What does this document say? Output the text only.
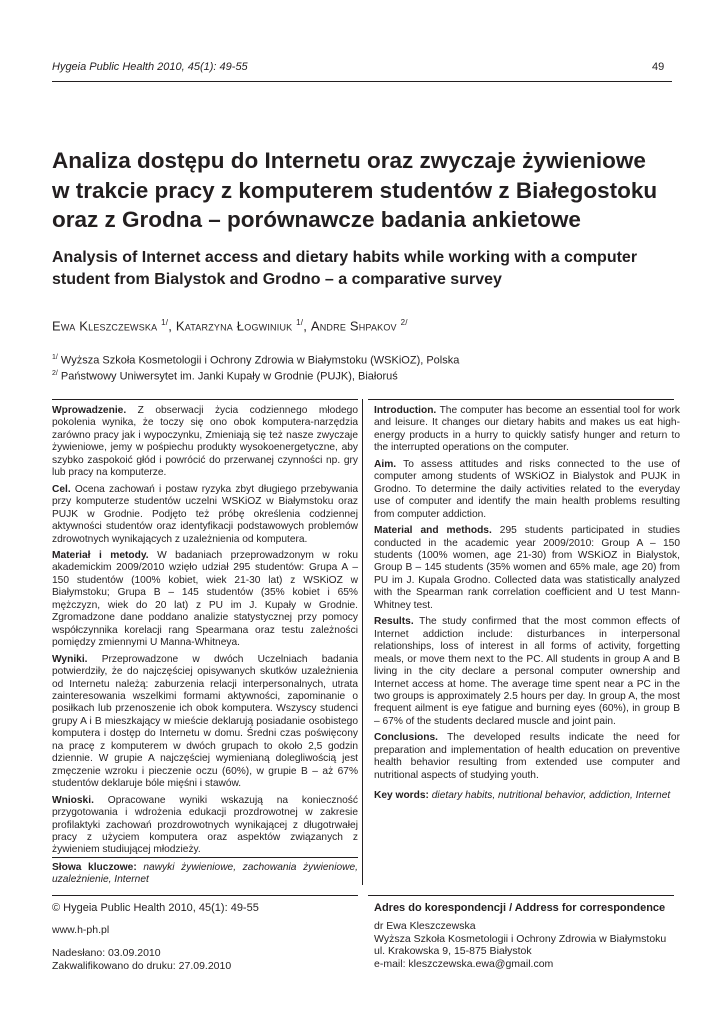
Hygeia Public Health 2010, 45(1): 49-55	49
Analiza dostępu do Internetu oraz zwyczaje żywieniowe
w trakcie pracy z komputerem studentów z Białegostoku
oraz z Grodna – porównawcze badania ankietowe
Analysis of Internet access and dietary habits while working with a computer
student from Bialystok and Grodno – a comparative survey
Ewa Kleszczewska $^{1/}$, Katarzyna Łogwiniuk $^{1/}$, Andre Shpakov $^{2/}$
$^{1/}$ Wyższa Szkoła Kosmetologii i Ochrony Zdrowia w Białymstoku (WSKiOZ), Polska
$^{2/}$ Państwowy Uniwersytet im. Janki Kupały w Grodnie (PUJK), Białoruś

Wprowadzenie. Z obserwacji życia codziennego młodego pokolenia wynika, że toczy się ono obok komputera-narzędzia zarówno pracy jak i wypoczynku, Zmieniają się też nasze zwyczaje żywieniowe, jemy w pośpiechu produkty wysokoenergetyczne, aby szybko zaspokoić głód i powrócić do przerwanej czynności np. gry lub pracy na komputerze.

Cel. Ocena zachowań i postaw ryzyka zbyt długiego przebywania przy komputerze studentów uczelni WSKiOZ w Białymstoku oraz PUJK w Grodnie. Podjęto też próbę określenia codziennej aktywności studentów oraz identyfikacji podstawowych problemów zdrowotnych wynikających z uzależnienia od komputera.

Materiał i metody. W badaniach przeprowadzonym w roku akademickim 2009/2010 wzięło udział 295 studentów: Grupa A – 150 studentów (100% kobiet, wiek 21-30 lat) z WSKiOZ w Białymstoku; Grupa B – 145 studentów (35% kobiet i 65% mężczyzn, wiek do 20 lat) z PU im J. Kupały w Grodnie. Zgromadzone dane poddano analizie statystycznej przy pomocy współczynnika korelacji rang Spearmana oraz testu zależności pomiędzy zmiennymi U Manna-Whitneya.

Wyniki. Przeprowadzone w dwóch Uczelniach badania potwierdziły, że do najczęściej opisywanych skutków uzależnienia od Internetu należą: zaburzenia relacji interpersonalnych, utrata zainteresowania wszelkimi formami aktywności, zapominanie o posiłkach lub przenoszenie ich obok komputera. Wszyscy studenci grupy A i B mieszkający w mieście deklarują posiadanie osobistego komputera i dostęp do Internetu w domu. Średni czas poświęcony na pracę z komputerem w dwóch grupach to około 2,5 godzin dziennie. W grupie A najczęściej wymienianą dolegliwością jest zmęczenie wzroku i pieczenie oczu (60%), w grupie B – aż 67% studentów deklaruje bóle mięśni i stawów.

Wnioski. Opracowane wyniki wskazują na konieczność przygotowania i wdrożenia edukacji prozdrowotnej w zakresie profilaktyki zachowań prozdrowotnych wynikającej z długotrwałej pracy z użyciem komputera oraz aspektów związanych z żywieniem studiującej młodzieży.

Słowa kluczowe: nawyki żywieniowe, zachowania żywieniowe, uzależnienie, Internet

Introduction. The computer has become an essential tool for work and leisure. It changes our dietary habits and makes us eat high-energy products in a hurry to quickly satisfy hunger and return to the interrupted operations on the computer.

Aim. To assess attitudes and risks connected to the use of computer among students of WSKiOZ in Bialystok and PUJK in Grodno. To determine the daily activities related to the everyday use of computer and identify the main health problems resulting from computer addiction.

Material and methods. 295 students participated in studies conducted in the academic year 2009/2010: Group A – 150 students (100% women, age 21-30) from WSKiOZ in Bialystok, Group B – 145 students (35% women and 65% male, age 20) from PU im J. Kupala Grodno. Collected data was statistically analyzed with the Spearman rank correlation coefficient and U test Mann-Whitney test.

Results. The study confirmed that the most common effects of Internet addiction include: disturbances in interpersonal relationships, loss of interest in all forms of activity, forgetting meals, or move them next to the PC. All students in group A and B living in the city declare a personal computer ownership and Internet access at home. The average time spent near a PC in the two groups is approximately 2.5 hours per day. In group A, the most frequent ailment is eye fatigue and burning eyes (60%), in group B – 67% of the students declared muscle and joint pain.

Conclusions. The developed results indicate the need for preparation and implementation of health education on preventive health behavior resulting from extended use computer and nutritional aspects of studying youth.

Key words: dietary habits, nutritional behavior, addiction, Internet

© Hygeia Public Health 2010, 45(1): 49-55
www.h-ph.pl
Nadesłano: 03.09.2010
Zakwalifikowano do druku: 27.09.2010
Adres do korespondencji / Address for correspondence
dr Ewa Kleszczewska
Wyższa Szkoła Kosmetologii i Ochrony Zdrowia w Białymstoku
ul. Krakowska 9, 15-875 Białystok
e-mail: kleszczewska.ewa@gmail.com
